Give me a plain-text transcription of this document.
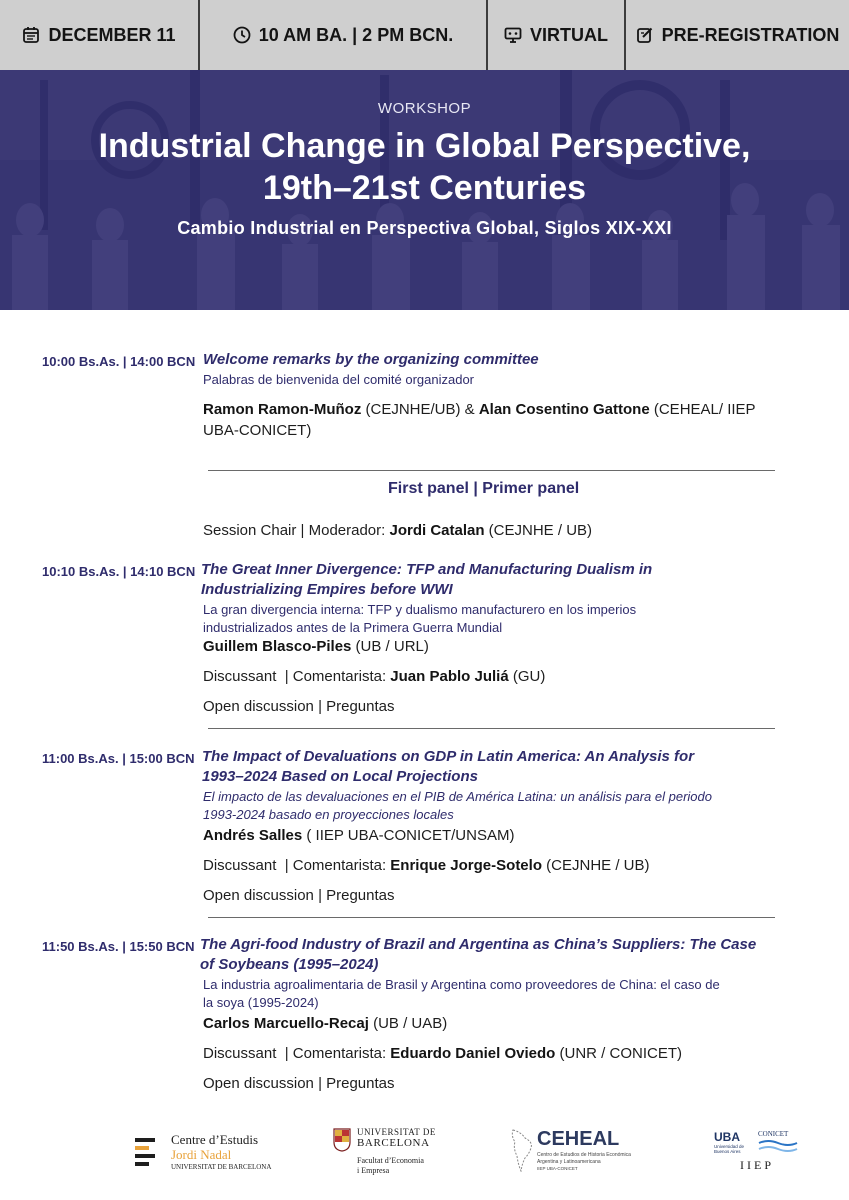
DECEMBER 11	10 AM BA. | 2 PM BCN.	VIRTUAL	PRE-REGISTRATION
WORKSHOP
Industrial Change in Global Perspective,
19th–21st Centuries
Cambio Industrial en Perspectiva Global, Siglos XIX-XXI
10:00 Bs.As. | 14:00 BCN Welcome remarks by the organizing committee
Palabras de bienvenida del comité organizador
Ramon Ramon-Muñoz (CEJNHE/UB) & Alan Cosentino Gattone (CEHEAL/ IIEP
UBA-CONICET)
First panel | Primer panel
Session Chair | Moderador: Jordi Catalan (CEJNHE / UB)
10:10 Bs.As. | 14:10 BCN The Great Inner Divergence: TFP and Manufacturing Dualism in
Industrializing Empires before WWI
La gran divergencia interna: TFP y dualismo manufacturero en los imperios
industrializados antes de la Primera Guerra Mundial
Guillem Blasco-Piles (UB / URL)
Discussant  | Comentarista: Juan Pablo Juliá (GU)
Open discussion | Preguntas
11:00 Bs.As. | 15:00 BCN The Impact of Devaluations on GDP in Latin America: An Analysis for
1993–2024 Based on Local Projections
El impacto de las devaluaciones en el PIB de América Latina: un análisis para el periodo
1993-2024 basado en proyecciones locales
Andrés Salles ( IIEP UBA-CONICET/UNSAM)
Discussant  | Comentarista: Enrique Jorge-Sotelo (CEJNHE / UB)
Open discussion | Preguntas
11:50 Bs.As. | 15:50 BCN The Agri-food Industry of Brazil and Argentina as China’s Suppliers: The Case
of Soybeans (1995–2024)
La industria agroalimentaria de Brasil y Argentina como proveedores de China: el caso de
la soya (1995-2024)
Carlos Marcuello-Recaj (UB / UAB)
Discussant  | Comentarista: Eduardo Daniel Oviedo (UNR / CONICET)
Open discussion | Preguntas
Centre d’Estudis
Jordi Nadal
UNIVERSITAT DE BARCELONA
UNIVERSITAT DE
BARCELONA
Facultat d’Economia
i Empresa
CEHEAL
Centro de Estudios de Historia Económica
Argentina y Latinoamericana
IIEP UBA-CONICET
UBA
Universidad de
Buenos Aires
CONICET
IIEP
